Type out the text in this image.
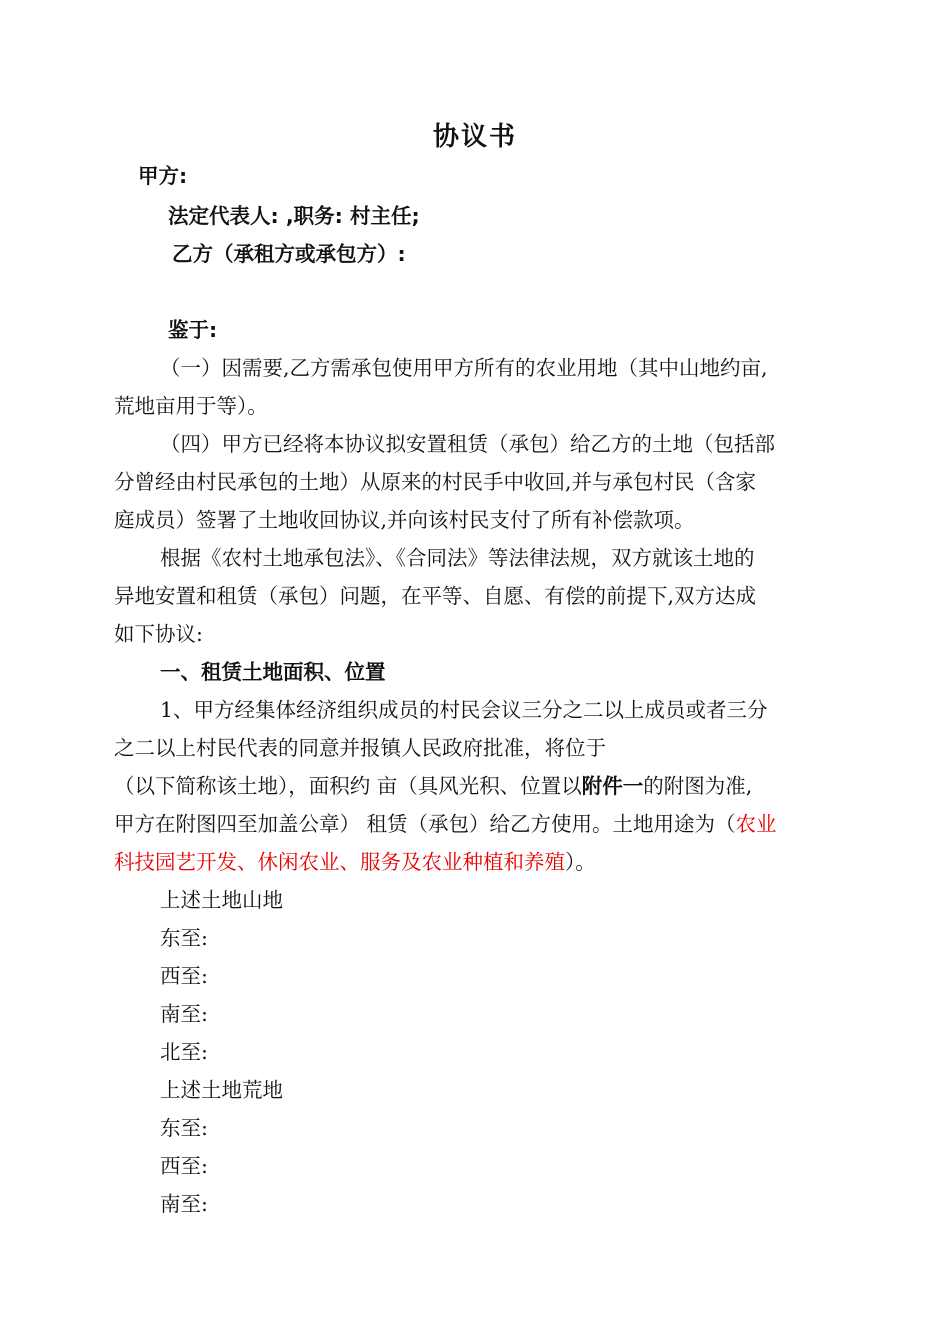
协议书
甲方:
法定代表人: ,职务: 村主任;
乙方（承租方或承包方）:
鉴于:
（一）因需要,乙方需承包使用甲方所有的农业用地（其中山地约亩,
荒地亩用于等）。
（四）甲方已经将本协议拟安置租赁（承包）给乙方的土地（包括部
分曾经由村民承包的土地）从原来的村民手中收回,并与承包村民（含家
庭成员）签署了土地收回协议,并向该村民支付了所有补偿款项。
根据《农村土地承包法》、《合同法》等法律法规，双方就该土地的
异地安置和租赁（承包）问题，在平等、自愿、有偿的前提下,双方达成
如下协议:
一、租赁土地面积、位置
1、甲方经集体经济组织成员的村民会议三分之二以上成员或者三分
之二以上村民代表的同意并报镇人民政府批准，将位于
（以下简称该土地），面积约 亩（具风光积、位置以附件一的附图为准,
甲方在附图四至加盖公章） 租赁（承包）给乙方使用。土地用途为（农业
科技园艺开发、休闲农业、服务及农业种植和养殖）。
上述土地山地
东至:
西至:
南至:
北至:
上述土地荒地
东至:
西至:
南至:
